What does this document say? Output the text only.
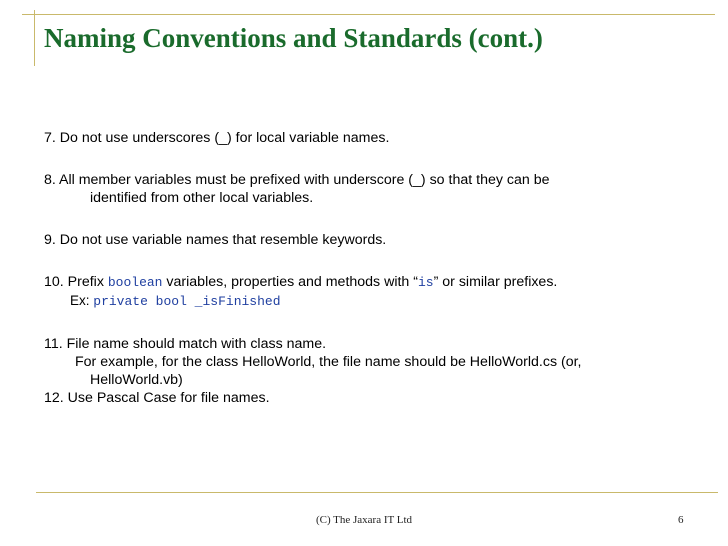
Naming Conventions and Standards (cont.)

7. Do not use underscores (_) for local variable names.

8. All member variables must be prefixed with underscore (_) so that they can be

identified from other local variables.

9. Do not use variable names that resemble keywords.

10. Prefix boolean variables, properties and methods with “is” or similar prefixes.

Ex: private bool _isFinished

11. File name should match with class name.

For example, for the class HelloWorld, the file name should be HelloWorld.cs (or,

HelloWorld.vb)

12. Use Pascal Case for file names.

(C) The Jaxara IT Ltd	6
